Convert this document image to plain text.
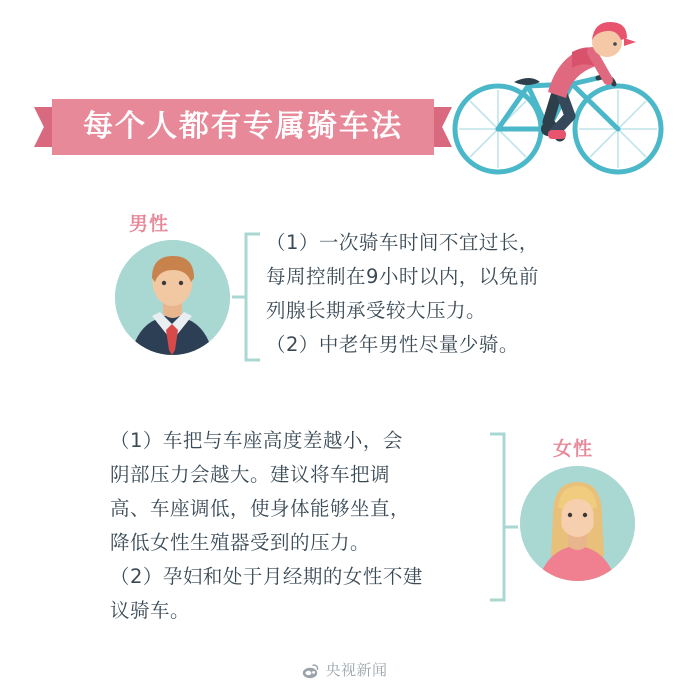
每个人都有专属骑车法
男性

（1）一次骑车时间不宜过长，

每周控制在9小时以内，以免前

列腺长期承受较大压力。

（2）中老年男性尽量少骑。

女性

（1）车把与车座高度差越小，会

阴部压力会越大。建议将车把调

高、车座调低，使身体能够坐直，

降低女性生殖器受到的压力。

（2）孕妇和处于月经期的女性不建

议骑车。

央视新闻
